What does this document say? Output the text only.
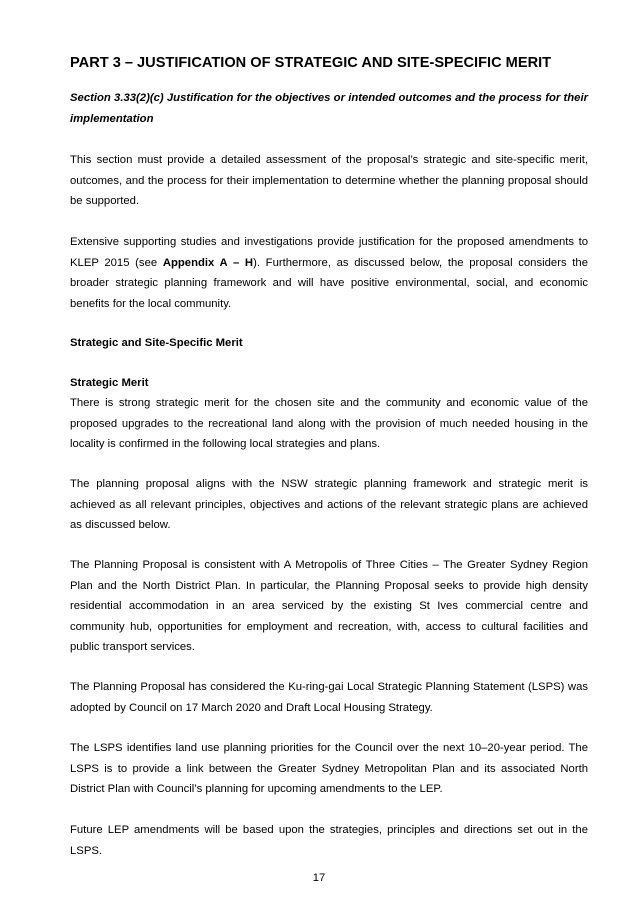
PART 3 – JUSTIFICATION OF STRATEGIC AND SITE-SPECIFIC MERIT

Section 3.33(2)(c) Justification for the objectives or intended outcomes and the process for their implementation

This section must provide a detailed assessment of the proposal’s strategic and site-specific merit, outcomes, and the process for their implementation to determine whether the planning proposal should be supported.

Extensive supporting studies and investigations provide justification for the proposed amendments to KLEP 2015 (see Appendix A – H). Furthermore, as discussed below, the proposal considers the broader strategic planning framework and will have positive environmental, social, and economic benefits for the local community.

Strategic and Site-Specific Merit

Strategic Merit

There is strong strategic merit for the chosen site and the community and economic value of the proposed upgrades to the recreational land along with the provision of much needed housing in the locality is confirmed in the following local strategies and plans.

The planning proposal aligns with the NSW strategic planning framework and strategic merit is achieved as all relevant principles, objectives and actions of the relevant strategic plans are achieved as discussed below.

The Planning Proposal is consistent with A Metropolis of Three Cities – The Greater Sydney Region Plan and the North District Plan. In particular, the Planning Proposal seeks to provide high density residential accommodation in an area serviced by the existing St Ives commercial centre and community hub, opportunities for employment and recreation, with, access to cultural facilities and public transport services.

The Planning Proposal has considered the Ku-ring-gai Local Strategic Planning Statement (LSPS) was adopted by Council on 17 March 2020 and Draft Local Housing Strategy.

The LSPS identifies land use planning priorities for the Council over the next 10–20-year period. The LSPS is to provide a link between the Greater Sydney Metropolitan Plan and its associated North District Plan with Council’s planning for upcoming amendments to the LEP.

Future LEP amendments will be based upon the strategies, principles and directions set out in the LSPS.

17
